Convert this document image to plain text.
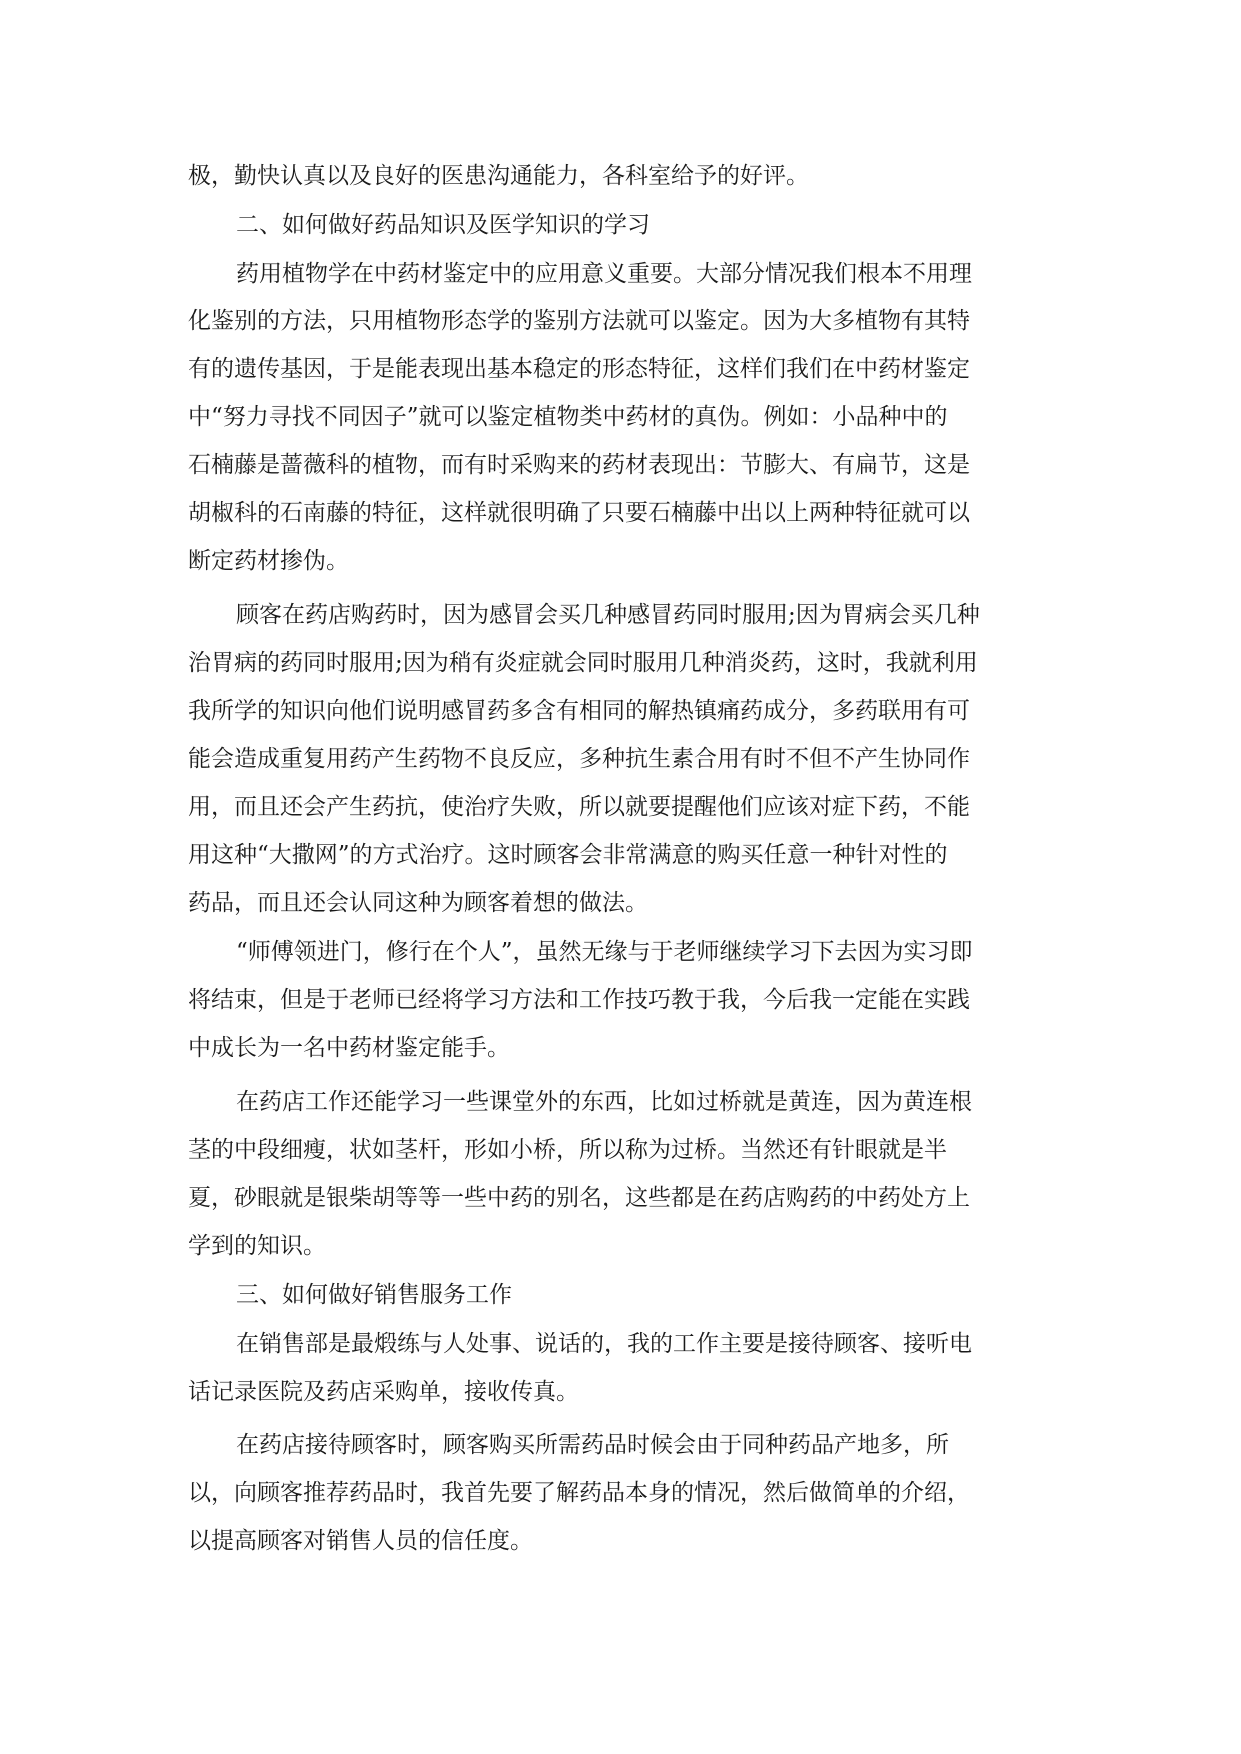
极，勤快认真以及良好的医患沟通能力，各科室给予的好评。
二、如何做好药品知识及医学知识的学习
药用植物学在中药材鉴定中的应用意义重要。大部分情况我们根本不用理
化鉴别的方法，只用植物形态学的鉴别方法就可以鉴定。因为大多植物有其特
有的遗传基因，于是能表现出基本稳定的形态特征，这样们我们在中药材鉴定
中“努力寻找不同因子”就可以鉴定植物类中药材的真伪。例如：小品种中的
石楠藤是蔷薇科的植物，而有时采购来的药材表现出：节膨大、有扁节，这是
胡椒科的石南藤的特征，这样就很明确了只要石楠藤中出以上两种特征就可以
断定药材掺伪。
顾客在药店购药时，因为感冒会买几种感冒药同时服用;因为胃病会买几种
治胃病的药同时服用;因为稍有炎症就会同时服用几种消炎药，这时，我就利用
我所学的知识向他们说明感冒药多含有相同的解热镇痛药成分，多药联用有可
能会造成重复用药产生药物不良反应，多种抗生素合用有时不但不产生协同作
用，而且还会产生药抗，使治疗失败，所以就要提醒他们应该对症下药，不能
用这种“大撒网”的方式治疗。这时顾客会非常满意的购买任意一种针对性的
药品，而且还会认同这种为顾客着想的做法。
“师傅领进门，修行在个人”，虽然无缘与于老师继续学习下去因为实习即
将结束，但是于老师已经将学习方法和工作技巧教于我，今后我一定能在实践
中成长为一名中药材鉴定能手。
在药店工作还能学习一些课堂外的东西，比如过桥就是黄连，因为黄连根
茎的中段细瘦，状如茎杆，形如小桥，所以称为过桥。当然还有针眼就是半
夏，砂眼就是银柴胡等等一些中药的别名，这些都是在药店购药的中药处方上
学到的知识。
三、如何做好销售服务工作
在销售部是最煅练与人处事、说话的，我的工作主要是接待顾客、接听电
话记录医院及药店采购单，接收传真。
在药店接待顾客时，顾客购买所需药品时候会由于同种药品产地多，所
以，向顾客推荐药品时，我首先要了解药品本身的情况，然后做简单的介绍，
以提高顾客对销售人员的信任度。
